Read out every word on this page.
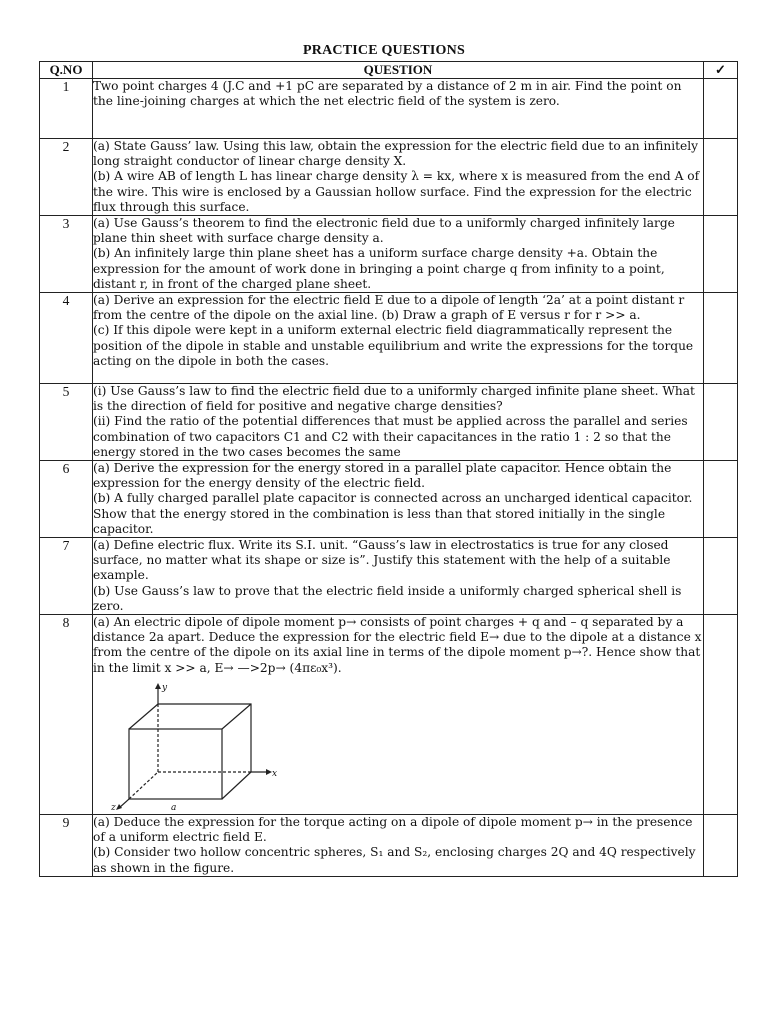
PRACTICE QUESTIONS
Q.NO	QUESTION	✓
1	Two point charges 4 (J.C and +1 pC are separated by a distance of 2 m in air. Find the point on the line-joining charges at which the net electric field of the system is zero.	

2	(a) State Gauss’ law. Using this law, obtain the expression for the electric field due to an infinitely long straight conductor of linear charge density X.

(b) A wire AB of length L has linear charge density λ = kx, where x is measured from the end A of the wire. This wire is enclosed by a Gaussian hollow surface. Find the expression for the electric flux through this surface.	

3	(a) Use Gauss’s theorem to find the electronic field due to a uniformly charged infinitely large plane thin sheet with surface charge density a.

(b) An infinitely large thin plane sheet has a uniform surface charge density +a. Obtain the expression for the amount of work done in bringing a point charge q from infinity to a point, distant r, in front of the charged plane sheet.	

4	(a) Derive an expression for the electric field E due to a dipole of length ‘2a’ at a point distant r from the centre of the dipole on the axial line. (b) Draw a graph of E versus r for r >> a.

(c) If this dipole were kept in a uniform external electric field diagrammatically represent the position of the dipole in stable and unstable equilibrium and write the expressions for the torque acting on the dipole in both the cases.	

5	(i) Use Gauss’s law to find the electric field due to a uniformly charged infinite plane sheet. What is the direction of field for positive and negative charge densities?

(ii) Find the ratio of the potential differences that must be applied across the parallel and series combination of two capacitors C1 and C2 with their capacitances in the ratio 1 : 2 so that the energy stored in the two cases becomes the same	

6	(a) Derive the expression for the energy stored in a parallel plate capacitor. Hence obtain the expression for the energy density of the electric field.

(b) A fully charged parallel plate capacitor is connected across an uncharged identical capacitor. Show that the energy stored in the combination is less than that stored initially in the single capacitor.	

7	(a) Define electric flux. Write its S.I. unit. “Gauss’s law in electrostatics is true for any closed surface, no matter what its shape or size is”. Justify this statement with the help of a suitable example.

(b) Use Gauss’s law to prove that the electric field inside a uniformly charged spherical shell is zero.	

8	(a) An electric dipole of dipole moment p→ consists of point charges + q and – q separated by a distance 2a apart. Deduce the expression for the electric field E→ due to the dipole at a distance x from the centre of the dipole on its axial line in terms of the dipole moment p→?. Hence show that in the limit x >> a, E→ —>2p→ (4πε₀x³).

y
x
z a	

9	(a) Deduce the expression for the torque acting on a dipole of dipole moment p→ in the presence of a uniform electric field E.

(b) Consider two hollow concentric spheres, S₁ and S₂, enclosing charges 2Q and 4Q respectively as shown in the figure.	
